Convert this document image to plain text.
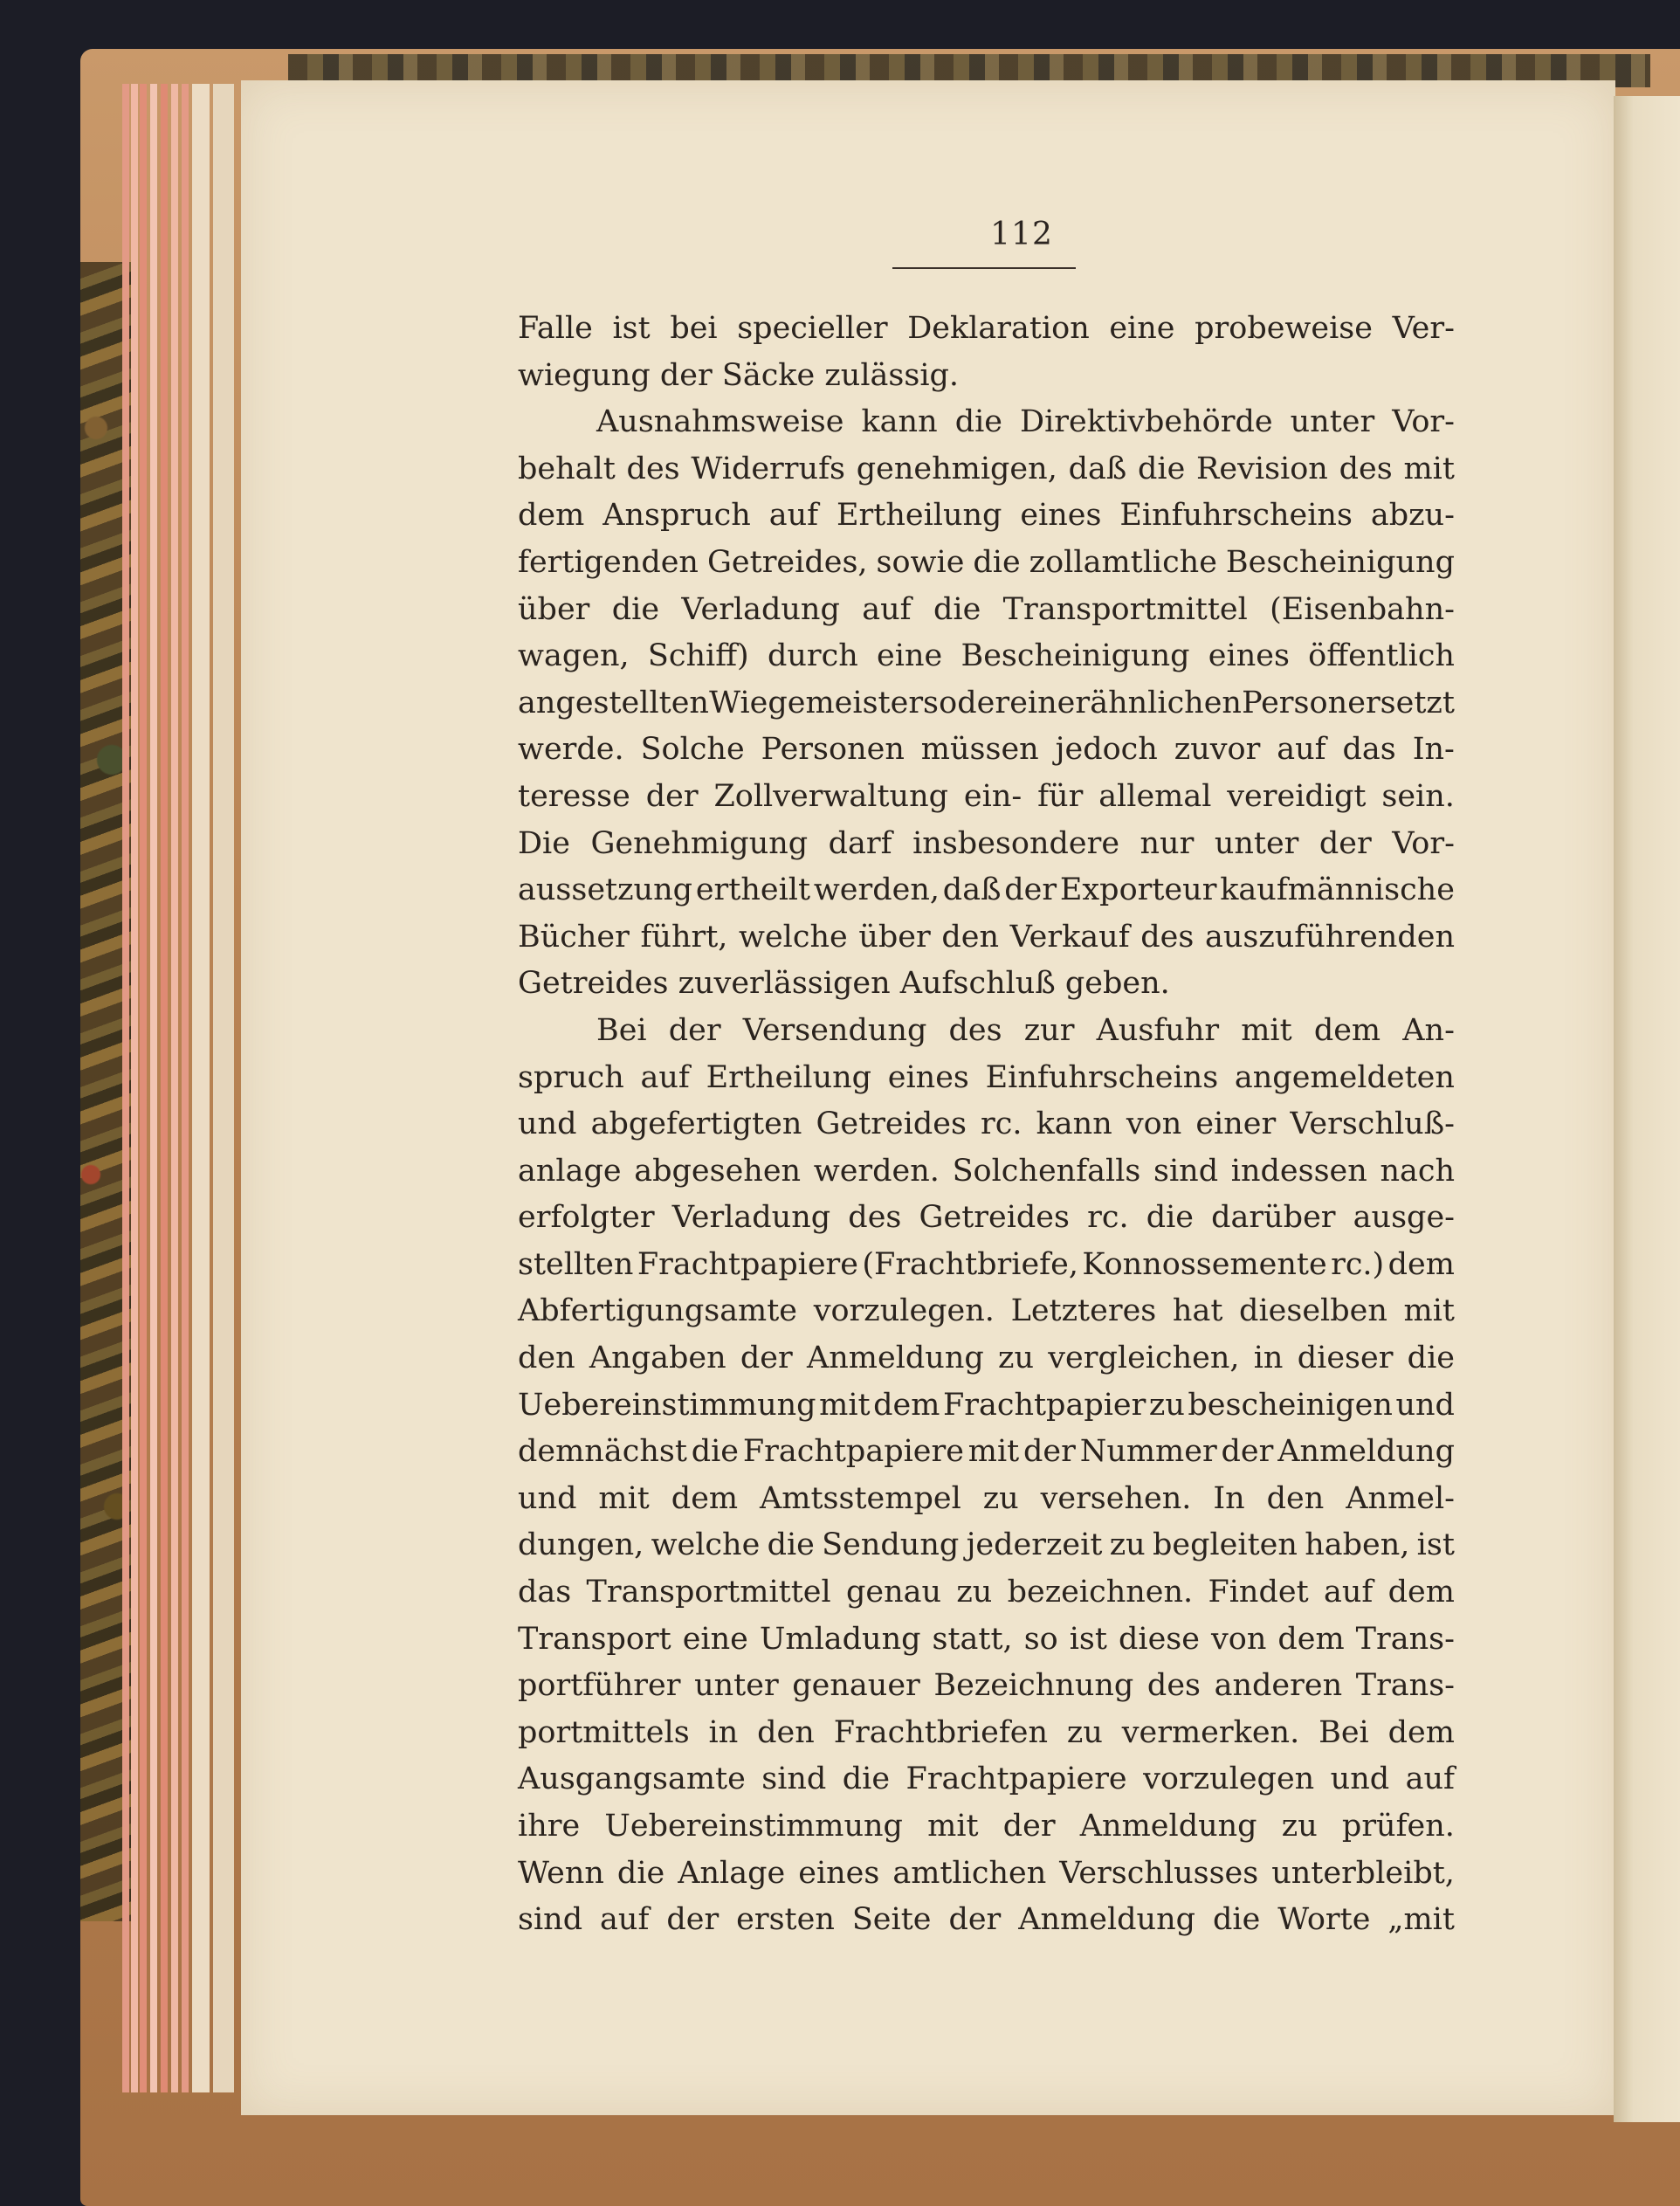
112
Falle ist bei specieller Deklaration eine probeweise Ver-
wiegung der Säcke zulässig.
Ausnahmsweise kann die Direktivbehörde unter Vor-
behalt des Widerrufs genehmigen, daß die Revision des mit
dem Anspruch auf Ertheilung eines Einfuhrscheins abzu-
fertigenden Getreides, sowie die zollamtliche Bescheinigung
über die Verladung auf die Transportmittel (Eisenbahn-
wagen, Schiff) durch eine Bescheinigung eines öffentlich
angestellten Wiegemeisters oder einer ähnlichen Person ersetzt
werde. Solche Personen müssen jedoch zuvor auf das In-
teresse der Zollverwaltung ein- für allemal vereidigt sein.
Die Genehmigung darf insbesondere nur unter der Vor-
aussetzung ertheilt werden, daß der Exporteur kaufmännische
Bücher führt, welche über den Verkauf des auszuführenden
Getreides zuverlässigen Aufschluß geben.
Bei der Versendung des zur Ausfuhr mit dem An-
spruch auf Ertheilung eines Einfuhrscheins angemeldeten
und abgefertigten Getreides rc. kann von einer Verschluß-
anlage abgesehen werden. Solchenfalls sind indessen nach
erfolgter Verladung des Getreides rc. die darüber ausge-
stellten Frachtpapiere (Frachtbriefe, Konnossemente rc.) dem
Abfertigungsamte vorzulegen. Letzteres hat dieselben mit
den Angaben der Anmeldung zu vergleichen, in dieser die
Uebereinstimmung mit dem Frachtpapier zu bescheinigen und
demnächst die Frachtpapiere mit der Nummer der Anmeldung
und mit dem Amtsstempel zu versehen. In den Anmel-
dungen, welche die Sendung jederzeit zu begleiten haben, ist
das Transportmittel genau zu bezeichnen. Findet auf dem
Transport eine Umladung statt, so ist diese von dem Trans-
portführer unter genauer Bezeichnung des anderen Trans-
portmittels in den Frachtbriefen zu vermerken. Bei dem
Ausgangsamte sind die Frachtpapiere vorzulegen und auf
ihre Uebereinstimmung mit der Anmeldung zu prüfen.
Wenn die Anlage eines amtlichen Verschlusses unterbleibt,
sind auf der ersten Seite der Anmeldung die Worte „mit
